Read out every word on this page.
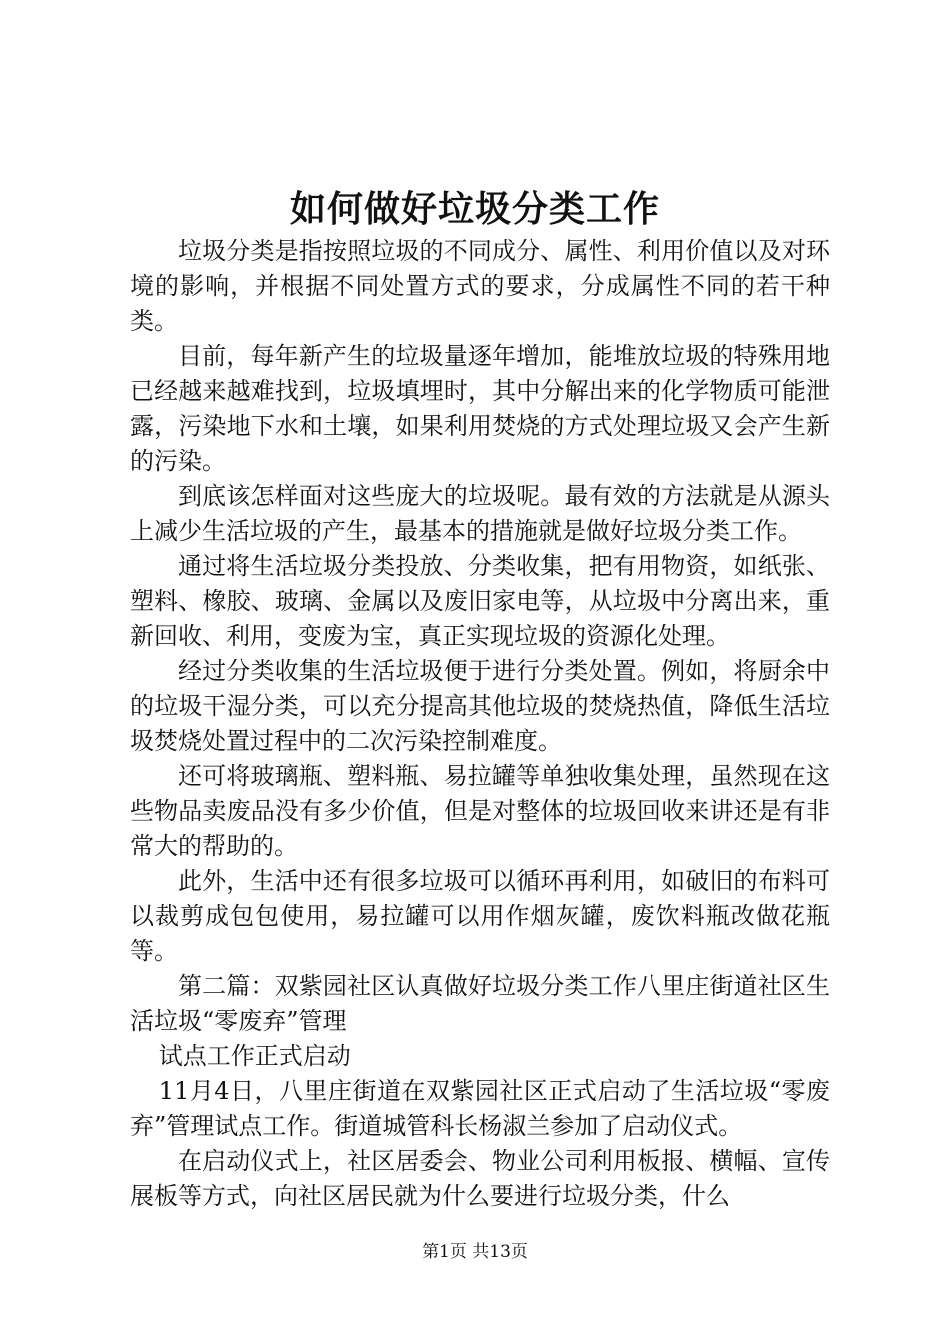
如何做好垃圾分类工作

垃圾分类是指按照垃圾的不同成分、属性、利用价值以及对环境的影响，并根据不同处置方式的要求，分成属性不同的若干种类。

目前，每年新产生的垃圾量逐年增加，能堆放垃圾的特殊用地已经越来越难找到，垃圾填埋时，其中分解出来的化学物质可能泄露，污染地下水和土壤，如果利用焚烧的方式处理垃圾又会产生新的污染。

到底该怎样面对这些庞大的垃圾呢。最有效的方法就是从源头上减少生活垃圾的产生，最基本的措施就是做好垃圾分类工作。

通过将生活垃圾分类投放、分类收集，把有用物资，如纸张、塑料、橡胶、玻璃、金属以及废旧家电等，从垃圾中分离出来，重新回收、利用，变废为宝，真正实现垃圾的资源化处理。

经过分类收集的生活垃圾便于进行分类处置。例如，将厨余中的垃圾干湿分类，可以充分提高其他垃圾的焚烧热值，降低生活垃圾焚烧处置过程中的二次污染控制难度。

还可将玻璃瓶、塑料瓶、易拉罐等单独收集处理，虽然现在这些物品卖废品没有多少价值，但是对整体的垃圾回收来讲还是有非常大的帮助的。

此外，生活中还有很多垃圾可以循环再利用，如破旧的布料可以裁剪成包包使用，易拉罐可以用作烟灰罐，废饮料瓶改做花瓶等。

第二篇：双紫园社区认真做好垃圾分类工作八里庄街道社区生活垃圾“零废弃”管理

试点工作正式启动

11月4日，八里庄街道在双紫园社区正式启动了生活垃圾“零废弃”管理试点工作。街道城管科长杨淑兰参加了启动仪式。

在启动仪式上，社区居委会、物业公司利用板报、横幅、宣传展板等方式，向社区居民就为什么要进行垃圾分类，什么

第1页 共13页
